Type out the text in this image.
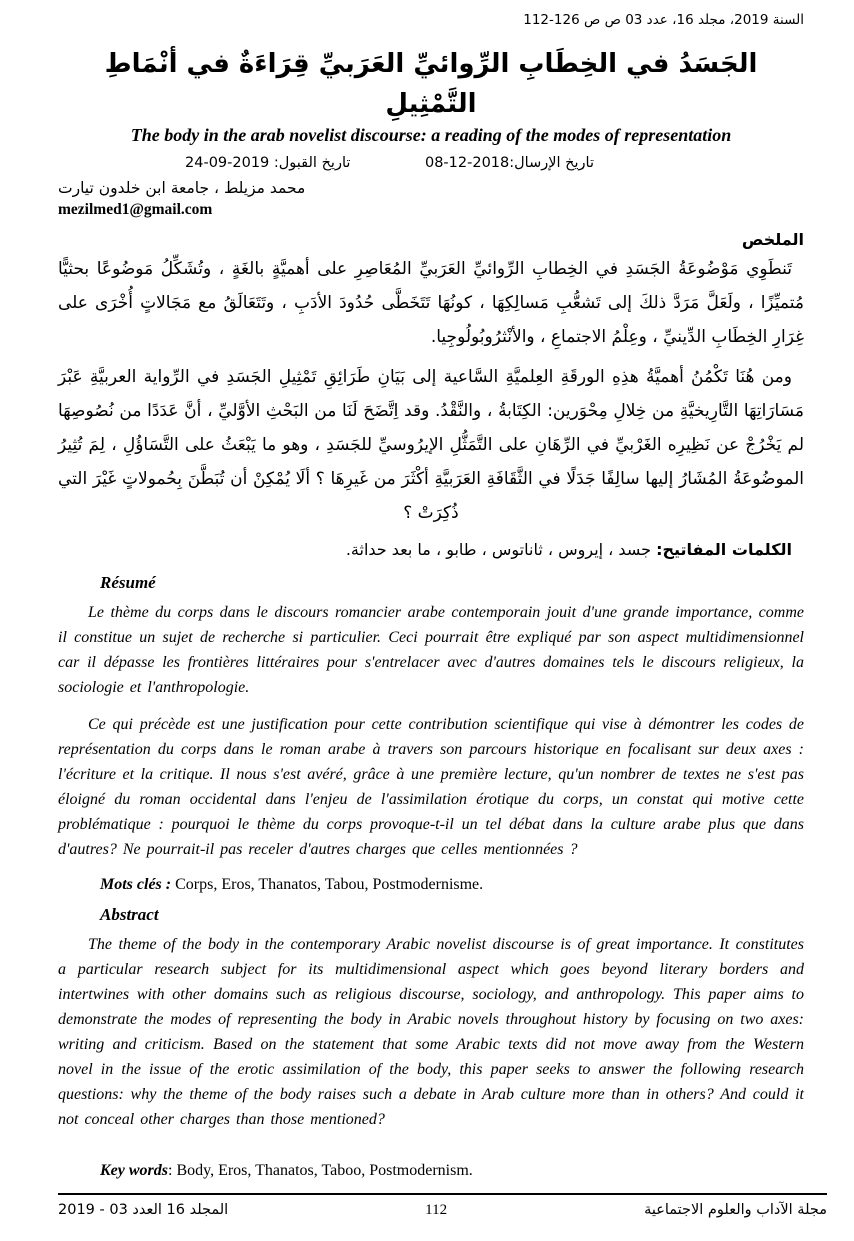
السنة 2019، مجلد 16، عدد 03 ص ص 126-112
الجَسَدُ في الخِطَابِ الرِّوائيِّ العَرَبيِّ قِرَاءَةٌ في أنْمَاطِ التَّمْثِيلِ
The body in the arab novelist discourse: a reading of the modes of representation
تاريخ القبول: 2019-09-24	تاريخ الإرسال:2018-12-08
محمد مزيلط ، جامعة ابن خلدون تيارت
mezilmed1@gmail.com
الملخص

تَنطَوِي مَوْضُوعَةُ الجَسَدِ في الخِطابِ الرِّوائيِّ العَرَبيِّ المُعَاصِرِ على أهميَّةٍ بالغَةٍ ، وتُشَكِّلُ مَوضُوعًا بحثيًّا مُتميِّزًا ، ولَعَلَّ مَرَدَّ ذلكَ إلى تَشعُّبِ مَسالِكِهَا ، كونُهَا تَتَخَطَّى حُدُودَ الأدَبِ ، وتَتَعَالَقُ مع مَجَالاتٍ أُخْرَى على غِرَارِ الخِطَابِ الدِّينيِّ ، وعِلْمُ الاجتماعِ ، والأنْثرُوبُولُوجِيا.

ومن هُنَا تَكْمُنُ أهميَّةُ هذِهِ الورقَةِ العِلميَّةِ السَّاعية إلى بَيَانِ طَرَائِقِ تَمْثِيلِ الجَسَدِ في الرِّواية العربيَّةِ عَبْرَ مَسَارَاتِهَا التَّارِيخيَّةِ من خِلالِ مِحْوَرين: الكِتَابةُ ، والنَّقْدُ. وقد اِتَّضَحَ لَنَا من البَحْثِ الأوَّليِّ ، أنَّ عَدَدًا من نُصُوصِهَا لم يَخْرُجْ عن نَظِيرِه الغَرْبيِّ في الرِّهَانِ على التَّمَثُّلِ الإيرُوسيِّ للجَسَدِ ، وهو ما يَبْعَثُ على التَّسَاؤُلِ ، لِمَ تُثِيرُ الموضُوعَةُ المُشَارُ إليها سالِفًا جَدَلًا في الثَّقَافَةِ العَرَبيَّةِ أكْثَرَ من غَيرِهَا ؟ ألَا يُمْكِنْ أن تُبَطَّنَ بِحُمولاتٍ غَيْرَ التي ذُكِرَتْ ؟

الكلمات المفاتيح: جسد ، إيروس ، ثاناتوس ، طابو ، ما بعد حداثة.
Résumé

Le thème du corps dans le discours romancier arabe contemporain jouit d'une grande importance, comme il constitue un sujet de recherche si particulier. Ceci pourrait être expliqué par son aspect multidimensionnel car il dépasse les frontières littéraires pour s'entrelacer avec d'autres domaines tels le discours religieux, la sociologie et l'anthropologie.

Ce qui précède est une justification pour cette contribution scientifique qui vise à démontrer les codes de représentation du corps dans le roman arabe à travers son parcours historique en focalisant sur deux axes : l'écriture et la critique. Il nous s'est avéré, grâce à une première lecture, qu'un nombrer de textes ne s'est pas éloigné du roman occidental dans l'enjeu de l'assimilation érotique du corps, un constat qui motive cette problématique : pourquoi le thème du corps provoque-t-il un tel débat dans la culture arabe plus que dans d'autres? Ne pourrait-il pas receler d'autres charges que celles mentionnées ?

Mots clés : Corps, Eros, Thanatos, Tabou, Postmodernisme.
Abstract

The theme of the body in the contemporary Arabic novelist discourse is of great importance. It constitutes a particular research subject for its multidimensional aspect which goes beyond literary borders and intertwines with other domains such as religious discourse, sociology, and anthropology. This paper aims to demonstrate the modes of representing the body in Arabic novels throughout history by focusing on two axes: writing and criticism. Based on the statement that some Arabic texts did not move away from the Western novel in the issue of the erotic assimilation of the body, this paper seeks to answer the following research questions: why the theme of the body raises such a debate in Arab culture more than in others? And could it not conceal other charges than those mentioned?

Key words: Body, Eros, Thanatos, Taboo, Postmodernism.
المجلد 16 العدد 03 - 2019	112	مجلة الآداب والعلوم الاجتماعية
